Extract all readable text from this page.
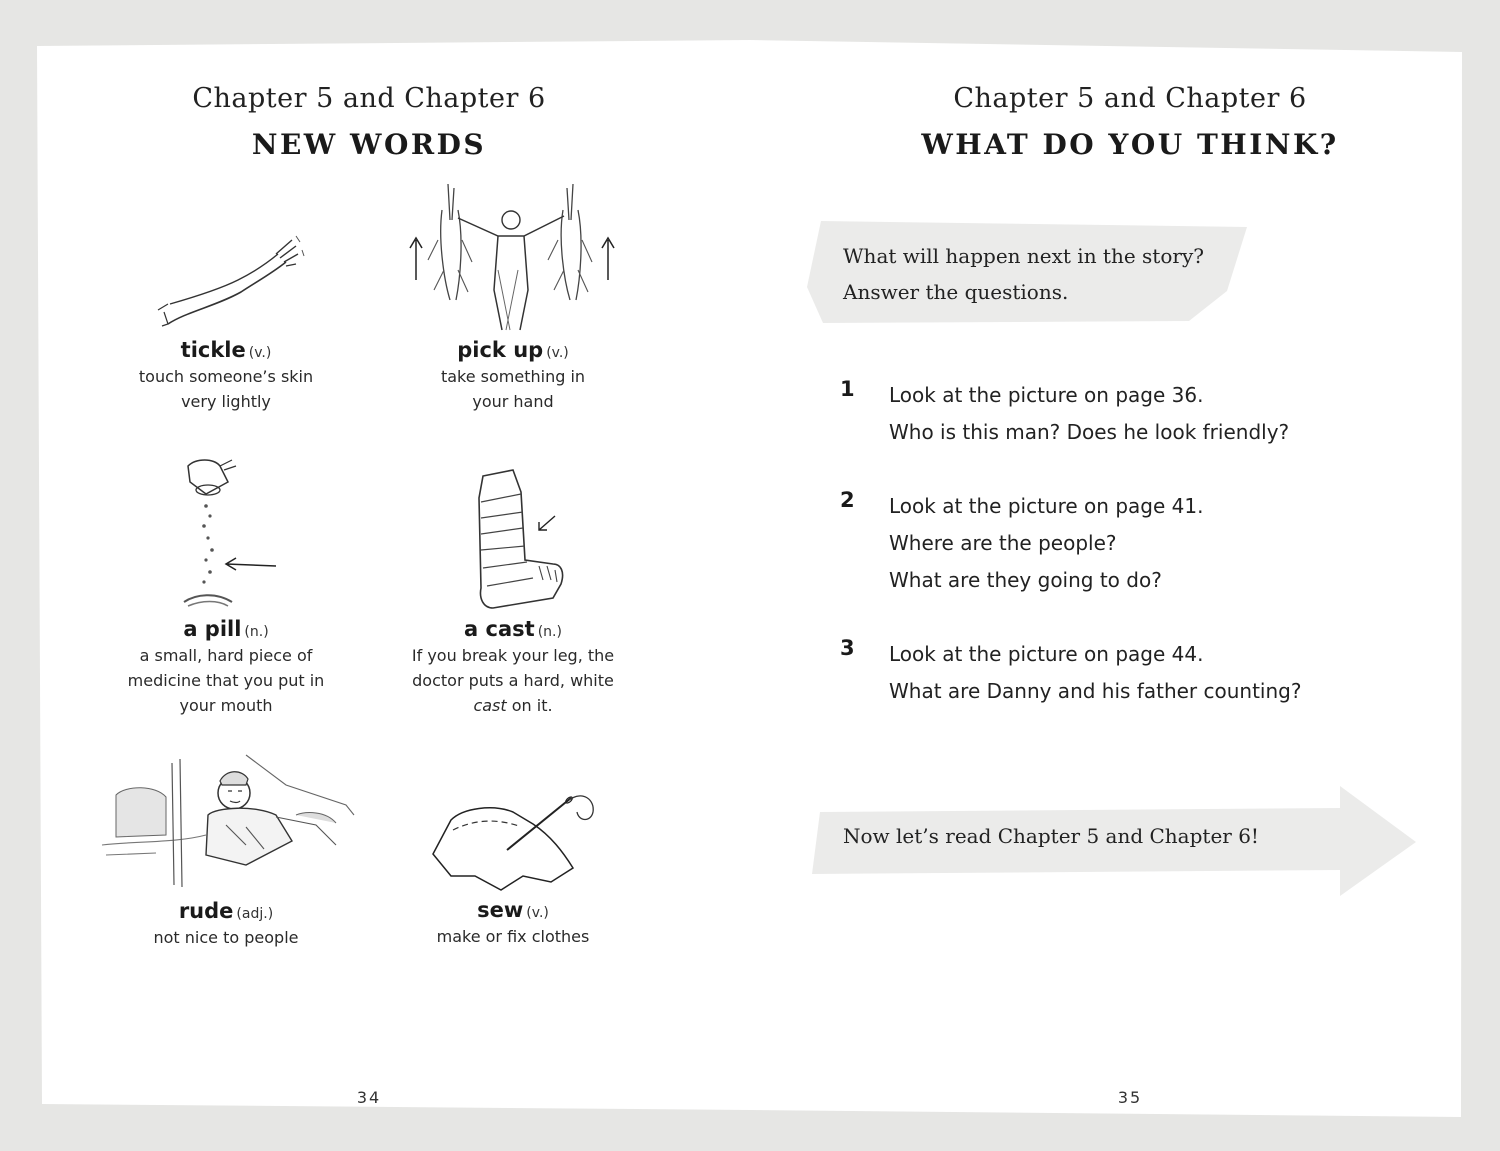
Chapter 5 and Chapter 6
NEW WORDS
tickle (v.)
touch someone’s skin
very lightly
pick up (v.)
take something in
your hand
a pill (n.)
a small, hard piece of
medicine that you put in
your mouth
a cast (n.)
If you break your leg, the
doctor puts a hard, white
cast on it.
rude (adj.)
not nice to people
sew (v.)
make or fix clothes
34
Chapter 5 and Chapter 6
WHAT DO YOU THINK?
What will happen next in the story?
Answer the questions.
1 Look at the picture on page 36.
Who is this man? Does he look friendly?
2 Look at the picture on page 41.
Where are the people?
What are they going to do?
3 Look at the picture on page 44.
What are Danny and his father counting?
Now let’s read Chapter 5 and Chapter 6!
35
